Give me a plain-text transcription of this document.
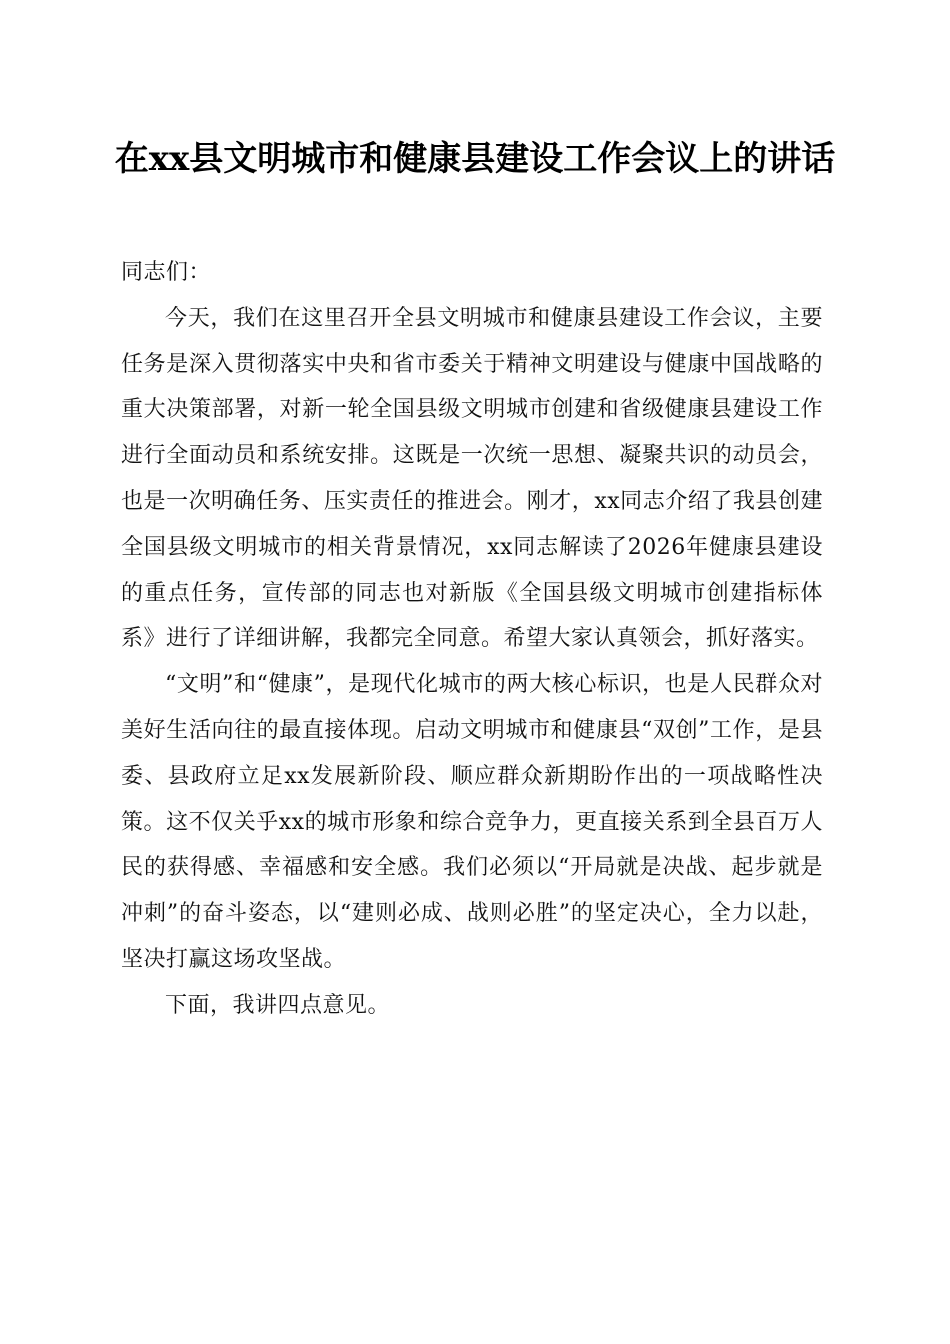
在xx县文明城市和健康县建设工作会议上的讲话

同志们：

今天，我们在这里召开全县文明城市和健康县建设工作会议，主要任务是深入贯彻落实中央和省市委关于精神文明建设与健康中国战略的重大决策部署，对新一轮全国县级文明城市创建和省级健康县建设工作进行全面动员和系统安排。这既是一次统一思想、凝聚共识的动员会，也是一次明确任务、压实责任的推进会。刚才，xx同志介绍了我县创建全国县级文明城市的相关背景情况，xx同志解读了2026年健康县建设的重点任务，宣传部的同志也对新版《全国县级文明城市创建指标体系》进行了详细讲解，我都完全同意。希望大家认真领会，抓好落实。

“文明”和“健康”，是现代化城市的两大核心标识，也是人民群众对美好生活向往的最直接体现。启动文明城市和健康县“双创”工作，是县委、县政府立足xx发展新阶段、顺应群众新期盼作出的一项战略性决策。这不仅关乎xx的城市形象和综合竞争力，更直接关系到全县百万人民的获得感、幸福感和安全感。我们必须以“开局就是决战、起步就是冲刺”的奋斗姿态，以“建则必成、战则必胜”的坚定决心，全力以赴，坚决打赢这场攻坚战。

下面，我讲四点意见。
